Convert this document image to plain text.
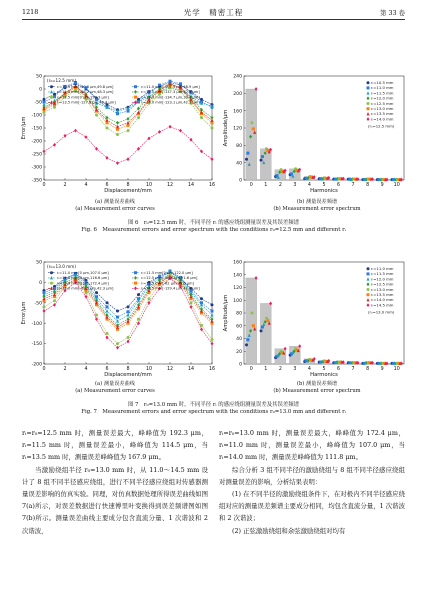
1218	光学　精密工程	第 33 卷
-350
-300
-250
-200
-150
-100
-50
0
50
0	2	4	6	8	10	12	14	16
Displacement/mm
Error/μm
(r₀=12.5 mm)
rᵢ=10.5 mm[-90.8 μm,49.8 μm]	rᵢ=11.0 mm[-107.5 μm,48.9 μm]
rᵢ=11.5 mm[-66.2 μm,48.3 μm]	rᵢ=12.0 mm[-137.3 μm,42.8 μm]
rᵢ=12.5 mm[0 μm,192.3 μm]	rᵢ=13.0 mm[-134.7 μm,39.1 μm]
rᵢ=13.5 mm[-127.8 μm,40.4 μm]	rᵢ=14.0 mm[-123.1 μm,42.1 μm]
0
40
80
120
160
200
240
0 1 2 3 4 5 6 7 8 9 10
Harmonics
Amplitude/μm
rᵢ=10.5 mm
rᵢ=11.0 mm
rᵢ=11.5 mm
rᵢ=12.0 mm
rᵢ=12.5 mm
rᵢ=13.0 mm
rᵢ=13.5 mm
rᵢ=14.0 mm
(r₀=12.5 mm)
(a) 测量误差曲线
(a) Measurement error curves
(b) 测量误差频谱
(b) Measurement error spectrum
图 6　r₀=12.5 mm 时，不同半径 rᵢ 的感应绕组测量误差及其误差频谱
Fig. 6　Measurement errors and error spectrum with the conditions r₀=12.5 mm and different rᵢ
-200
-150
-100
-50
0
50
0	2	4	6	8	10	12	14	16
Displacement/mm
Error/μm
(r₀=13.0 mm)
rᵢ=11.0 mm[0 μm,107.0 μm]	rᵢ=11.5 mm[0 μm,122.0 μm]
rᵢ=12.0 mm[0 μm,116.6 μm]	rᵢ=12.5 mm[-48.8 μm,91.6 μm]
rᵢ=13.0 mm[0 μm,172.4 μm]	rᵢ=13.5 mm[-62 μm,45.6 μm]
rᵢ=14.0 mm[-69.5 μm,42.3 μm]	rᵢ=14.5 mm[-129.4 μm,42.3 μm]
0
20
40
60
80
100
120
140
160
0 1 2 3 4 5 6 7 8 9 10
Harmonics
Amplitude/μm
rᵢ=11.0 mm
rᵢ=11.5 mm
rᵢ=12.0 mm
rᵢ=12.5 mm
rᵢ=13.0 mm
rᵢ=13.5 mm
rᵢ=14.0 mm
rᵢ=14.5 mm
(r₀=13.0 mm)
(a) 测量误差曲线
(a) Measurement error curves
(b) 测量误差频谱
(b) Measurement error spectrum
图 7　r₀=13.0 mm 时，不同半径 rᵢ 的感应绕组测量误差及其误差频谱
Fig. 7　Measurement errors and error spectrum with the conditions r₀=13.0 mm and different rᵢ

rᵢ=r₀=12.5 mm 时，测量误差最大，峰峰值为 192.3 μm，rᵢ=11.5 mm 时，测量误差最小，峰峰值为 114.5 μm，当 rᵢ=13.5 mm 时，测量误差峰峰值为 167.9 μm。

当激励绕组半径 r₀=13.0 mm 时，从 11.0～14.5 mm 设计了 8 组不同半径感应绕组，进行不同半径感应绕组对传感器测量误差影响的仿真实验。同理，对仿真数据处理所得误差曲线如图 7(a)所示，对误差数据进行快速傅里叶变换得到误差频谱图如图 7(b)所示。测量误差曲线主要成分包含直流分量、1 次谐波和 2 次谐波，

rᵢ=r₀=13.0 mm 时，测量误差最大，峰峰值为 172.4 μm，rᵢ=11.0 mm 时，测量误差最小，峰峰值为 107.0 μm，当 rᵢ=14.0 mm 时，测量误差峰峰值为 111.8 μm。

综合分析 3 组不同半径的激励绕组与 8 组不同半径感应绕组对测量误差的影响，分析结果表明：

(1) 在不同半径的激励绕组条件下，在对极内不同半径感应绕组对应的测量误差频谱主要成分相同，均包含直流分量，1 次谐波和 2 次谐波；

(2) 正弦激励绕组和余弦激励绕组对均有
